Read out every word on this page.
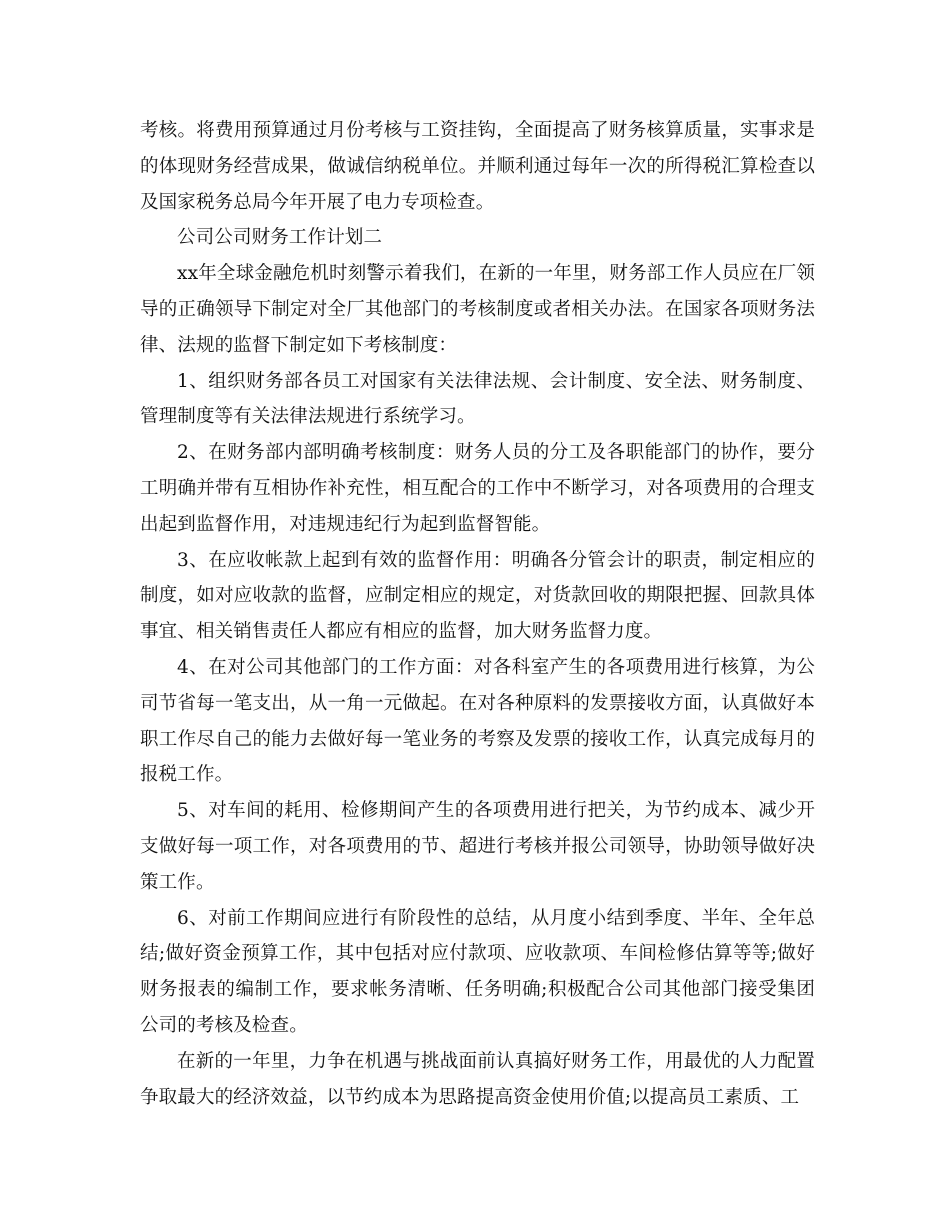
考核。将费用预算通过月份考核与工资挂钩，全面提高了财务核算质量，实事求是的体现财务经营成果，做诚信纳税单位。并顺利通过每年一次的所得税汇算检查以及国家税务总局今年开展了电力专项检查。

公司公司财务工作计划二

xx年全球金融危机时刻警示着我们，在新的一年里，财务部工作人员应在厂领导的正确领导下制定对全厂其他部门的考核制度或者相关办法。在国家各项财务法律、法规的监督下制定如下考核制度：

1、组织财务部各员工对国家有关法律法规、会计制度、安全法、财务制度、管理制度等有关法律法规进行系统学习。

2、在财务部内部明确考核制度：财务人员的分工及各职能部门的协作，要分工明确并带有互相协作补充性，相互配合的工作中不断学习，对各项费用的合理支出起到监督作用，对违规违纪行为起到监督智能。

3、在应收帐款上起到有效的监督作用：明确各分管会计的职责，制定相应的制度，如对应收款的监督，应制定相应的规定，对货款回收的期限把握、回款具体事宜、相关销售责任人都应有相应的监督，加大财务监督力度。

4、在对公司其他部门的工作方面：对各科室产生的各项费用进行核算，为公司节省每一笔支出，从一角一元做起。在对各种原料的发票接收方面，认真做好本职工作尽自己的能力去做好每一笔业务的考察及发票的接收工作，认真完成每月的报税工作。

5、对车间的耗用、检修期间产生的各项费用进行把关，为节约成本、减少开支做好每一项工作，对各项费用的节、超进行考核并报公司领导，协助领导做好决策工作。

6、对前工作期间应进行有阶段性的总结，从月度小结到季度、半年、全年总结;做好资金预算工作，其中包括对应付款项、应收款项、车间检修估算等等;做好财务报表的编制工作，要求帐务清晰、任务明确;积极配合公司其他部门接受集团公司的考核及检查。

在新的一年里，力争在机遇与挑战面前认真搞好财务工作，用最优的人力配置争取最大的经济效益，以节约成本为思路提高资金使用价值;以提高员工素质、工
